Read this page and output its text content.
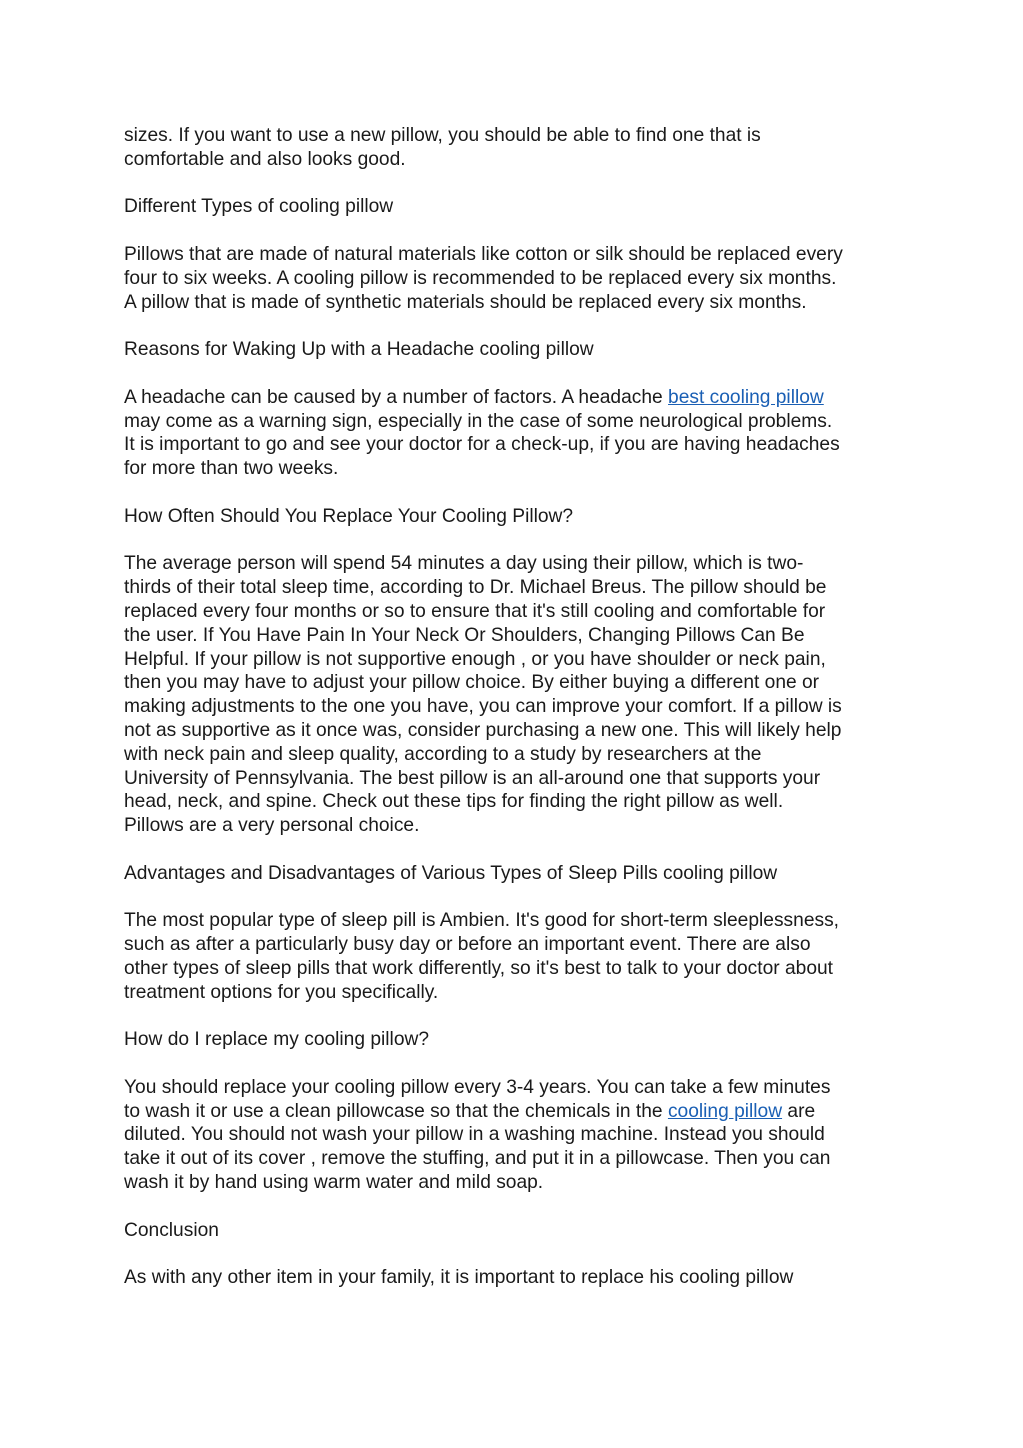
sizes. If you want to use a new pillow, you should be able to find one that is
comfortable and also looks good.

Different Types of cooling pillow

Pillows that are made of natural materials like cotton or silk should be replaced every
four to six weeks. A cooling pillow is recommended to be replaced every six months.
A pillow that is made of synthetic materials should be replaced every six months.

Reasons for Waking Up with a Headache cooling pillow

A headache can be caused by a number of factors. A headache best cooling pillow
may come as a warning sign, especially in the case of some neurological problems.
It is important to go and see your doctor for a check-up, if you are having headaches
for more than two weeks.

How Often Should You Replace Your Cooling Pillow?

The average person will spend 54 minutes a day using their pillow, which is two-
thirds of their total sleep time, according to Dr. Michael Breus. The pillow should be
replaced every four months or so to ensure that it's still cooling and comfortable for
the user. If You Have Pain In Your Neck Or Shoulders, Changing Pillows Can Be
Helpful. If your pillow is not supportive enough , or you have shoulder or neck pain,
then you may have to adjust your pillow choice. By either buying a different one or
making adjustments to the one you have, you can improve your comfort. If a pillow is
not as supportive as it once was, consider purchasing a new one. This will likely help
with neck pain and sleep quality, according to a study by researchers at the
University of Pennsylvania. The best pillow is an all-around one that supports your
head, neck, and spine. Check out these tips for finding the right pillow as well.
Pillows are a very personal choice.

Advantages and Disadvantages of Various Types of Sleep Pills cooling pillow

The most popular type of sleep pill is Ambien. It's good for short-term sleeplessness,
such as after a particularly busy day or before an important event. There are also
other types of sleep pills that work differently, so it's best to talk to your doctor about
treatment options for you specifically.

How do I replace my cooling pillow?

You should replace your cooling pillow every 3-4 years. You can take a few minutes
to wash it or use a clean pillowcase so that the chemicals in the cooling pillow are
diluted. You should not wash your pillow in a washing machine. Instead you should
take it out of its cover , remove the stuffing, and put it in a pillowcase. Then you can
wash it by hand using warm water and mild soap.

Conclusion

As with any other item in your family, it is important to replace his cooling pillow
